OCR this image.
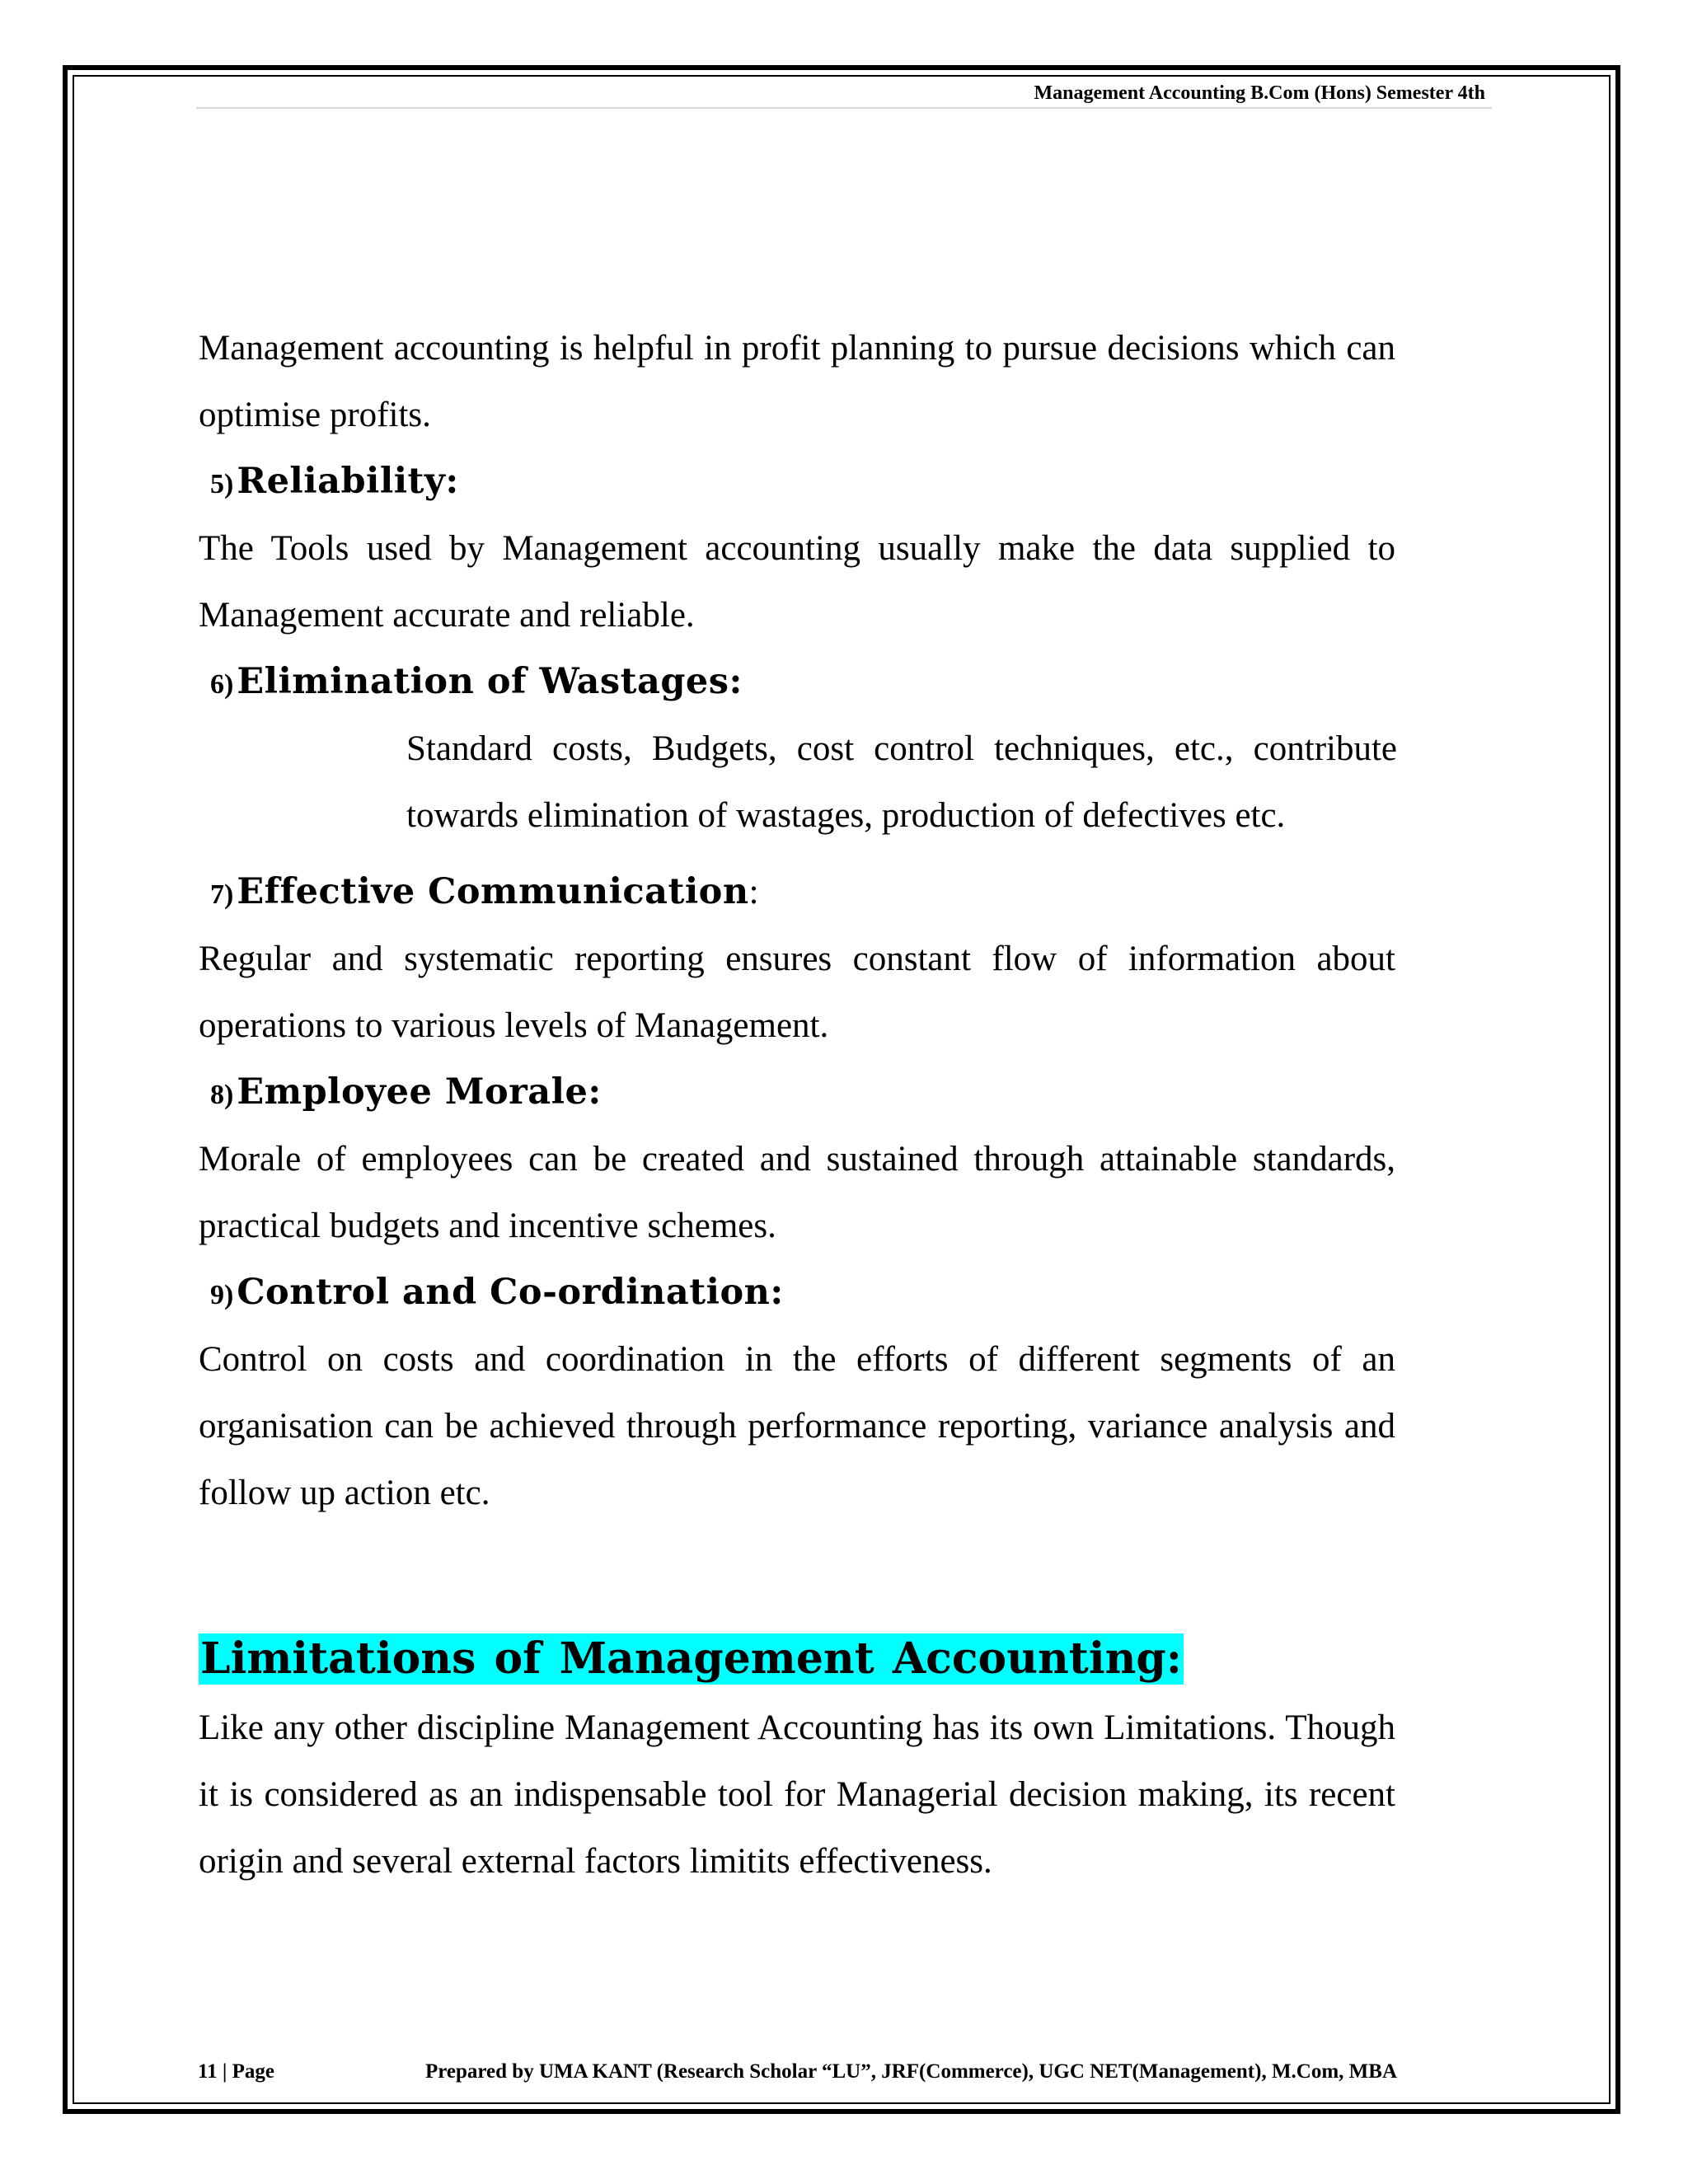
Management Accounting B.Com (Hons) Semester 4th

Management accounting is helpful in profit planning to pursue decisions which can optimise profits.

5) Reliability:

The Tools used by Management accounting usually make the data supplied to Management accurate and reliable.

6) Elimination of Wastages:

Standard costs, Budgets, cost control techniques, etc., contribute towards elimination of wastages, production of defectives etc.

7) Effective Communication:

Regular and systematic reporting ensures constant flow of information about operations to various levels of Management.

8) Employee Morale:

Morale of employees can be created and sustained through attainable standards, practical budgets and incentive schemes.

9) Control and Co-ordination:

Control on costs and coordination in the efforts of different segments of an organisation can be achieved through performance reporting, variance analysis and follow up action etc.

Limitations of Management Accounting:

Like any other discipline Management Accounting has its own Limitations. Though it is considered as an indispensable tool for Managerial decision making, its recent origin and several external factors limitits effectiveness.

11 | Page	Prepared by UMA KANT (Research Scholar “LU”, JRF(Commerce), UGC NET(Management), M.Com, MBA
